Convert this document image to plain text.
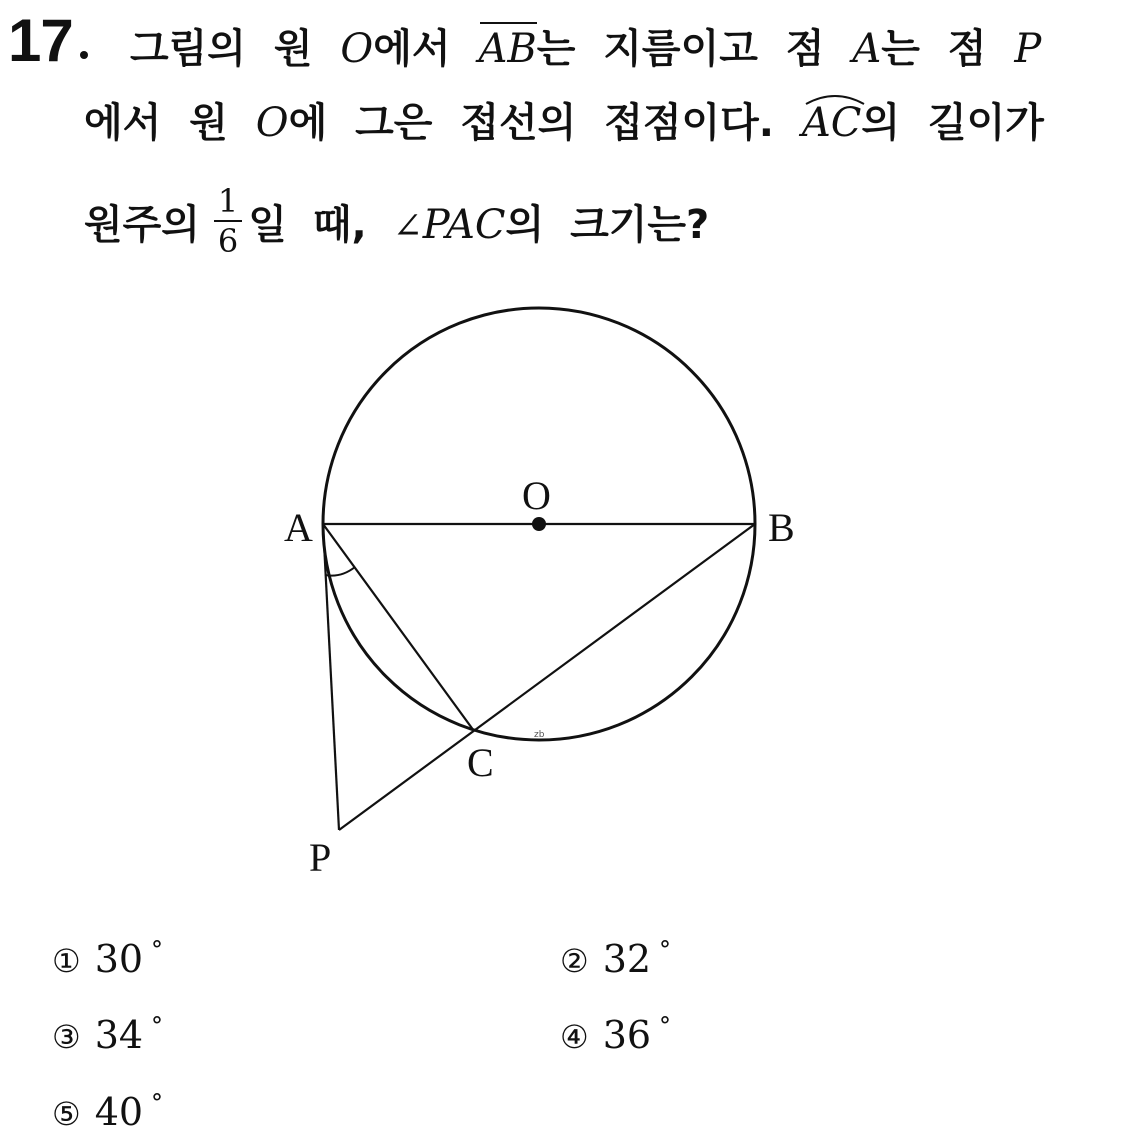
17 그림의 원 O에서 AB는 지름이고 점 A는 점 P
에서 원 O에 그은 접선의 접점이다.
AC의 길이가
원주의 $\frac{1}{6}$ 일 때, ∠PAC의 크기는?
O
A	B
C
P
zb
① 30 °	② 32 °
③ 34 °	④ 36 °
⑤ 40 °
